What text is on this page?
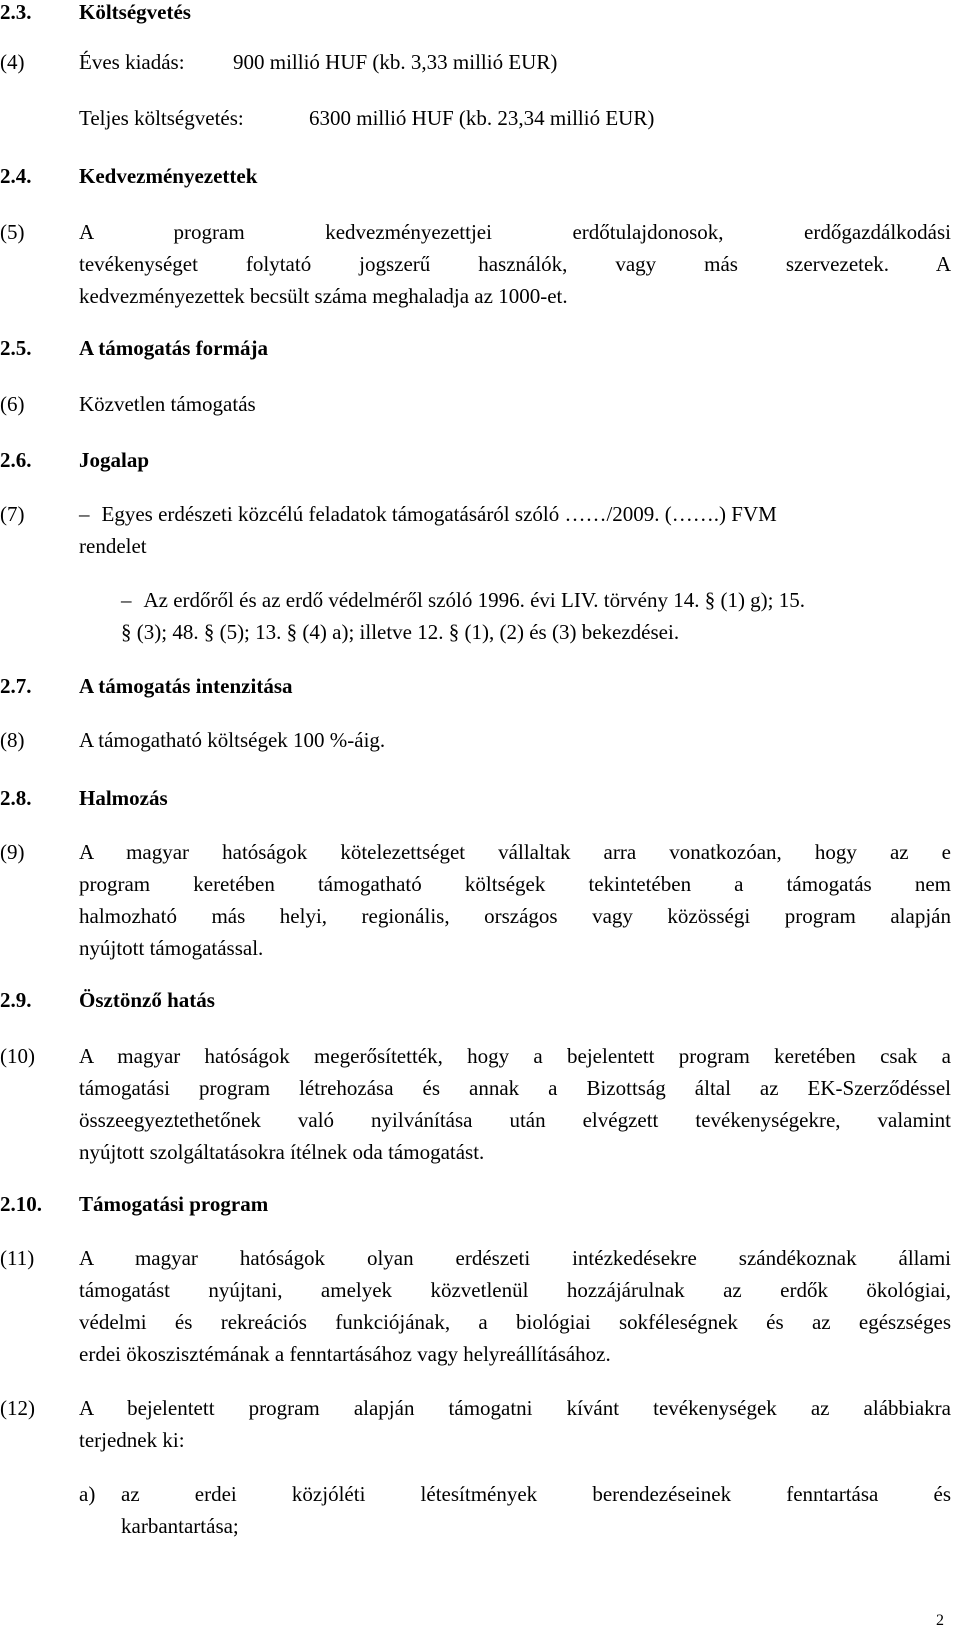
2.3. Költségvetés
(4)	Éves kiadás: 900 millió HUF (kb. 3,33 millió EUR)
Teljes költségvetés:	6300 millió HUF (kb. 23,34 millió EUR)
2.4. Kedvezményezettek
(5)	A program kedvezményezettjei erdőtulajdonosok, erdőgazdálkodási
tevékenységet folytató jogszerű használók, vagy más szervezetek. A
kedvezményezettek becsült száma meghaladja az 1000-et.
2.5. A támogatás formája
(6)	Közvetlen támogatás
2.6. Jogalap
(7)
–	Egyes erdészeti közcélú feladatok támogatásáról szóló ……/2009. (…….) FVM
rendelet
– Az erdőről és az erdő védelméről szóló 1996. évi LIV. törvény 14. § (1) g); 15.
§ (3); 48. § (5); 13. § (4) a); illetve 12. § (1), (2) és (3) bekezdései.
2.7. A támogatás intenzitása
(8)	A támogatható költségek 100 %-áig.
2.8. Halmozás
(9)	A magyar hatóságok kötelezettséget vállaltak arra vonatkozóan, hogy az e
program keretében támogatható költségek tekintetében a támogatás nem
halmozható más helyi, regionális, országos vagy közösségi program alapján
nyújtott támogatással.
2.9. Ösztönző hatás
(10) A magyar hatóságok megerősítették, hogy a bejelentett program keretében csak a
támogatási program létrehozása és annak a Bizottság által az EK-Szerződéssel
összeegyeztethetőnek való nyilvánítása után elvégzett tevékenységekre, valamint
nyújtott szolgáltatásokra ítélnek oda támogatást.
2.10. Támogatási program
(11) A magyar hatóságok olyan erdészeti intézkedésekre szándékoznak állami
támogatást nyújtani, amelyek közvetlenül hozzájárulnak az erdők ökológiai,
védelmi és rekreációs funkciójának, a biológiai sokféleségnek és az egészséges
erdei ökoszisztémának a fenntartásához vagy helyreállításához.
(12) A bejelentett program alapján támogatni kívánt tevékenységek az alábbiakra
terjednek ki:
a) az erdei közjóléti létesítmények berendezéseinek fenntartása és
karbantartása;
2
